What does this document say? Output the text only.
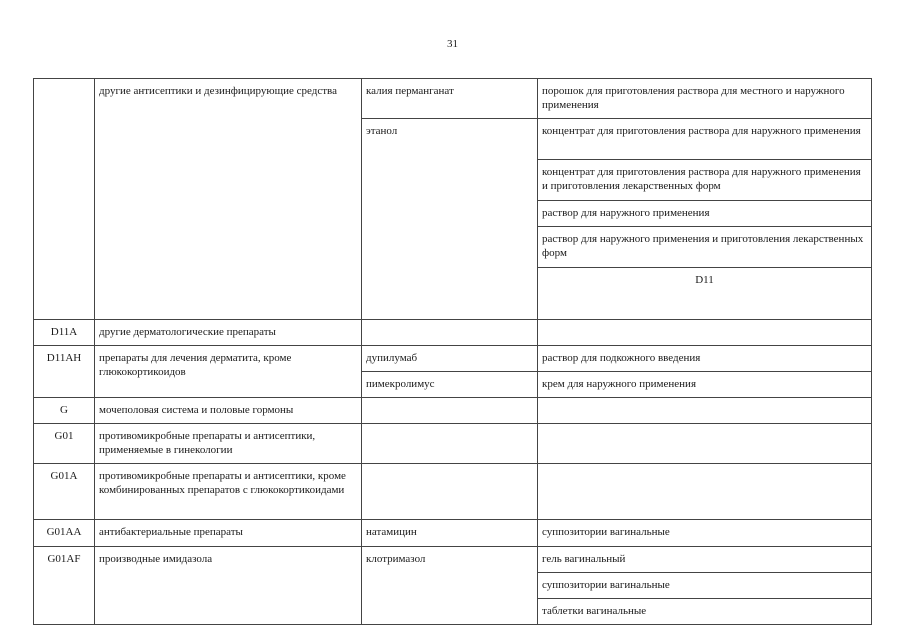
31
	другие антисептики и дезинфицирующие средства	калия перманганат	порошок для приготовления раствора для местного и наружного применения	
		этанол	концентрат для приготовления раствора для наружного применения	
			концентрат для приготовления раствора для наружного применения и приготовления лекарственных форм	
			раствор для наружного применения	
			раствор для наружного применения и приготовления лекарственных форм	
			D11			
D11A	другие дерматологические препараты			
D11AH	препараты для лечения дерматита, кроме глюкокортикоидов	дупилумаб	раствор для подкожного введения	
		пимекролимус	крем для наружного применения	
G	мочеполовая система и половые гормоны			
G01	противомикробные препараты и антисептики, применяемые в гинекологии			
G01A	противомикробные препараты и антисептики, кроме комбинированных препаратов с глюкокортикоидами			
G01AA	антибактериальные препараты	натамицин	суппозитории вагинальные	
G01AF	производные имидазола	клотримазол	гель вагинальный	
			суппозитории вагинальные	
			таблетки вагинальные	
